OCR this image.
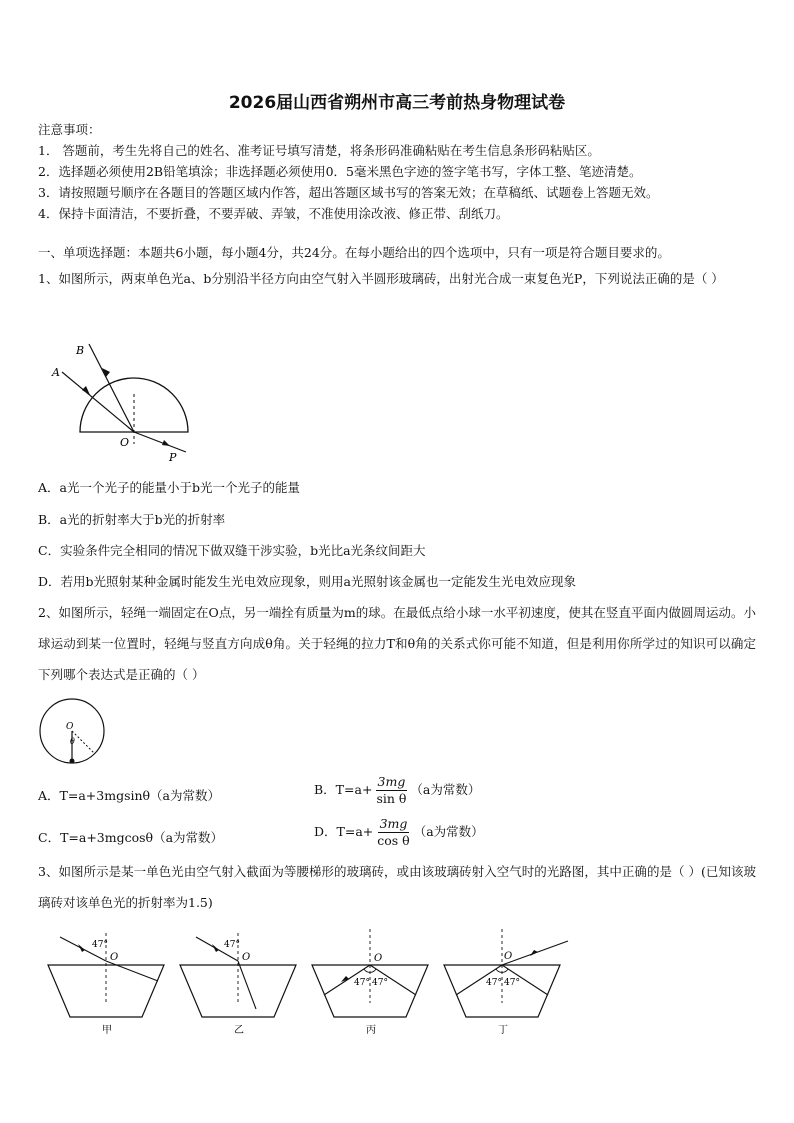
2026届山西省朔州市高三考前热身物理试卷
注意事项：
1． 答题前，考生先将自己的姓名、准考证号填写清楚，将条形码准确粘贴在考生信息条形码粘贴区。
2．选择题必须使用2B铅笔填涂；非选择题必须使用0．5毫米黑色字迹的签字笔书写，字体工整、笔迹清楚。
3．请按照题号顺序在各题目的答题区域内作答，超出答题区域书写的答案无效；在草稿纸、试题卷上答题无效。
4．保持卡面清洁，不要折叠，不要弄破、弄皱，不准使用涂改液、修正带、刮纸刀。
一、单项选择题：本题共6小题，每小题4分，共24分。在每小题给出的四个选项中，只有一项是符合题目要求的。
1、如图所示，两束单色光a、b分别沿半径方向由空气射入半圆形玻璃砖，出射光合成一束复色光P，下列说法正确的是（ ）
B
A
O
P
A．a光一个光子的能量小于b光一个光子的能量
B．a光的折射率大于b光的折射率
C．实验条件完全相同的情况下做双缝干涉实验，b光比a光条纹间距大
D．若用b光照射某种金属时能发生光电效应现象，则用a光照射该金属也一定能发生光电效应现象
2、如图所示，轻绳一端固定在O点，另一端拴有质量为m的球。在最低点给小球一水平初速度，使其在竖直平面内做圆周运动。小球运动到某一位置时，轻绳与竖直方向成θ角。关于轻绳的拉力T和θ角的关系式你可能不知道，但是利用你所学过的知识可以确定下列哪个表达式是正确的（ ）
O
θ
A．T=a+3mgsinθ（a为常数）	B．$T=a+ \frac{3mg}{\text{sin θ}} (a$为常数）
C．T=a+3mgcosθ（a为常数）	D．$T=a+ \frac{3mg}{\text{cos θ}} (a$为常数）
3、如图所示是某一单色光由空气射入截面为等腰梯形的玻璃砖，或由该玻璃砖射入空气时的光路图，其中正确的是（ ）(已知该玻璃砖对该单色光的折射率为1.5)
47°
O
甲
47°
O
乙
47° 47°
O
丙
47° 47°
O
丁
